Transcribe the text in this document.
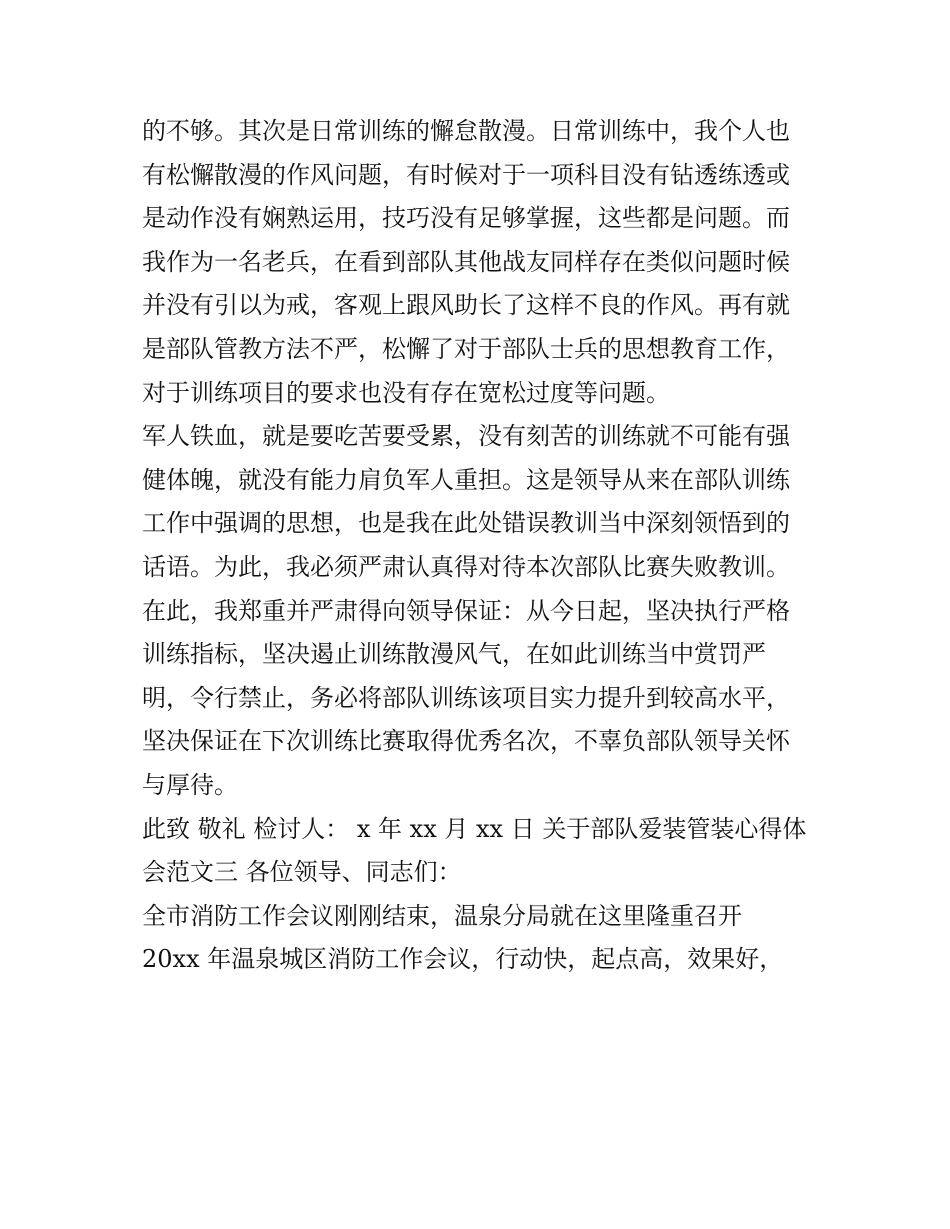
的不够。其次是日常训练的懈怠散漫。日常训练中，我个人也
有松懈散漫的作风问题，有时候对于一项科目没有钻透练透或
是动作没有娴熟运用，技巧没有足够掌握，这些都是问题。而
我作为一名老兵，在看到部队其他战友同样存在类似问题时候
并没有引以为戒，客观上跟风助长了这样不良的作风。再有就
是部队管教方法不严，松懈了对于部队士兵的思想教育工作，
对于训练项目的要求也没有存在宽松过度等问题。
军人铁血，就是要吃苦要受累，没有刻苦的训练就不可能有强
健体魄，就没有能力肩负军人重担。这是领导从来在部队训练
工作中强调的思想，也是我在此处错误教训当中深刻领悟到的
话语。为此，我必须严肃认真得对待本次部队比赛失败教训。
在此，我郑重并严肃得向领导保证：从今日起，坚决执行严格
训练指标，坚决遏止训练散漫风气，在如此训练当中赏罚严
明，令行禁止，务必将部队训练该项目实力提升到较高水平，
坚决保证在下次训练比赛取得优秀名次，不辜负部队领导关怀
与厚待。
此致 敬礼 检讨人： x 年 xx 月 xx 日 关于部队爱装管装心得体
会范文三 各位领导、同志们：
全市消防工作会议刚刚结束，温泉分局就在这里隆重召开
20xx 年温泉城区消防工作会议，行动快，起点高，效果好，
